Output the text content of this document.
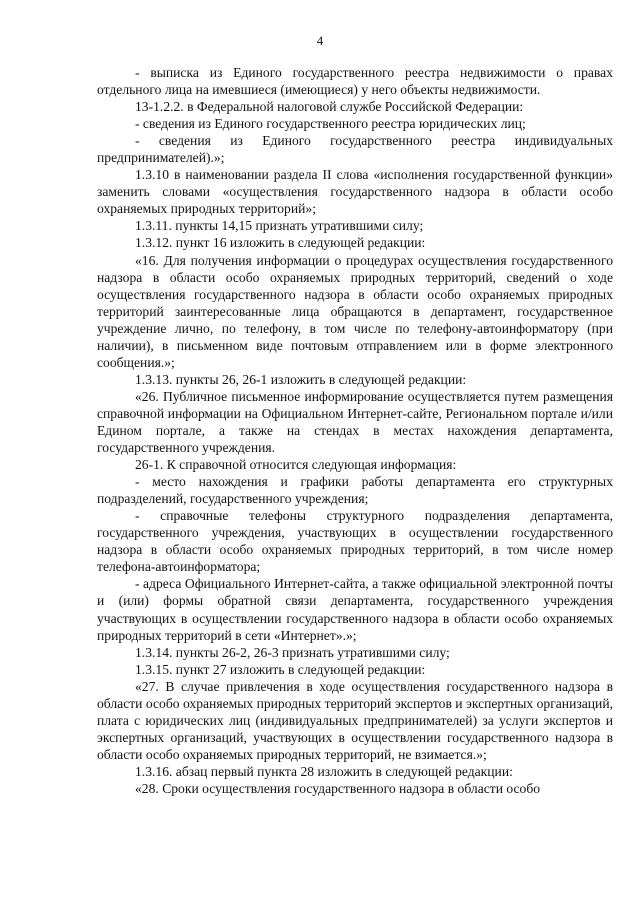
4

- выписка из Единого государственного реестра недвижимости о правах отдельного лица на имевшиеся (имеющиеся) у него объекты недвижимости.

13-1.2.2. в Федеральной налоговой службе Российской Федерации:

- сведения из Единого государственного реестра юридических лиц;

- сведения из Единого государственного реестра индивидуальных предпринимателей).»;

1.3.10 в наименовании раздела II слова «исполнения государственной функции» заменить словами «осуществления государственного надзора в области особо охраняемых природных территорий»;

1.3.11. пункты 14,15 признать утратившими силу;

1.3.12. пункт 16 изложить в следующей редакции:

«16. Для получения информации о процедурах осуществления государственного надзора в области особо охраняемых природных территорий, сведений о ходе осуществления государственного надзора в области особо охраняемых природных территорий заинтересованные лица обращаются в департамент, государственное учреждение лично, по телефону, в том числе по телефону-автоинформатору (при наличии), в письменном виде почтовым отправлением или в форме электронного сообщения.»;

1.3.13. пункты 26, 26-1 изложить в следующей редакции:

«26. Публичное письменное информирование осуществляется путем размещения справочной информации на Официальном Интернет-сайте, Региональном портале и/или Едином портале, а также на стендах в местах нахождения департамента, государственного учреждения.

26-1. К справочной относится следующая информация:

- место нахождения и графики работы департамента его структурных подразделений, государственного учреждения;

- справочные телефоны структурного подразделения департамента, государственного учреждения, участвующих в осуществлении государственного надзора в области особо охраняемых природных территорий, в том числе номер телефона-автоинформатора;

- адреса Официального Интернет-сайта, а также официальной электронной почты и (или) формы обратной связи департамента, государственного учреждения участвующих в осуществлении государственного надзора в области особо охраняемых природных территорий в сети «Интернет».»;

1.3.14. пункты 26-2, 26-3 признать утратившими силу;

1.3.15. пункт 27 изложить в следующей редакции:

«27. В случае привлечения в ходе осуществления государственного надзора в области особо охраняемых природных территорий экспертов и экспертных организаций, плата с юридических лиц (индивидуальных предпринимателей) за услуги экспертов и экспертных организаций, участвующих в осуществлении государственного надзора в области особо охраняемых природных территорий, не взимается.»;

1.3.16. абзац первый пункта 28 изложить в следующей редакции:

«28. Сроки осуществления государственного надзора в области особо
